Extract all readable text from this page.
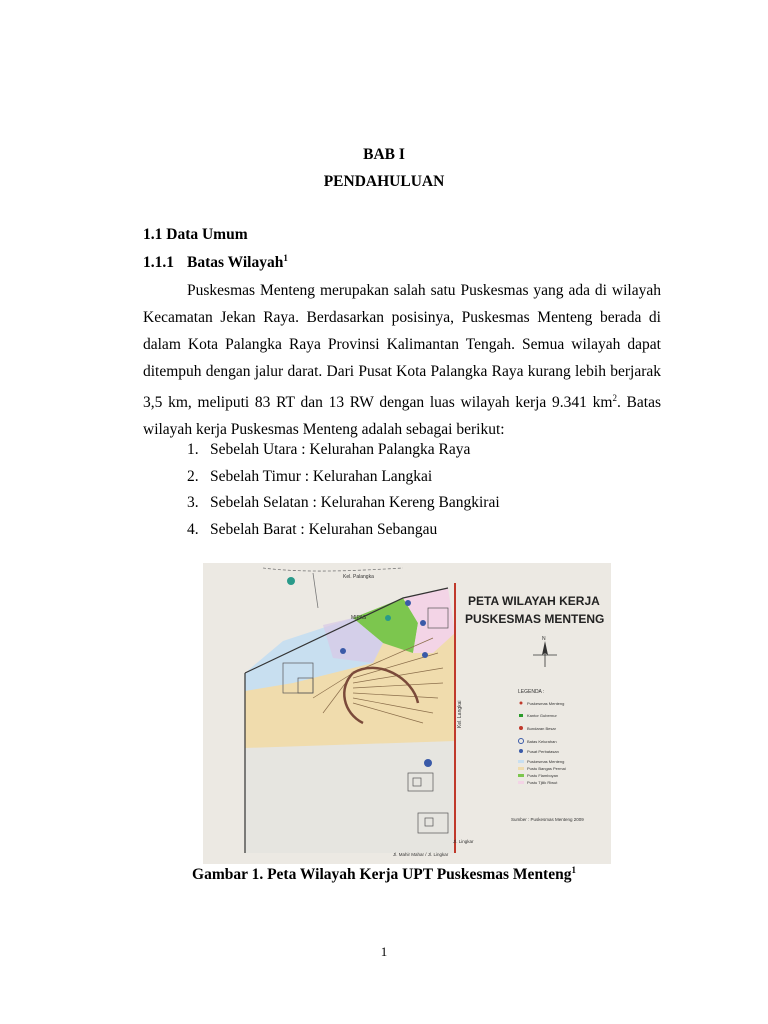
BAB I
PENDAHULUAN
1.1 Data Umum
1.1.1 Batas Wilayah$^1$

Puskesmas Menteng merupakan salah satu Puskesmas yang ada di wilayah Kecamatan Jekan Raya. Berdasarkan posisinya, Puskesmas Menteng berada di dalam Kota Palangka Raya Provinsi Kalimantan Tengah. Semua wilayah dapat ditempuh dengan jalur darat. Dari Pusat Kota Palangka Raya kurang lebih berjarak 3,5 km, meliputi 83 RT dan 13 RW dengan luas wilayah kerja 9.341 $km^2$. Batas wilayah kerja Puskesmas Menteng adalah sebagai berikut:

1. Sebelah Utara : Kelurahan Palangka Raya
2. Sebelah Timur : Kelurahan Langkai
3. Sebelah Selatan : Kelurahan Kereng Bangkirai
4. Sebelah Barat : Kelurahan Sebangau
Kel. Palangka
MIPAS
Kel. Langkai
Jl. Mahir Mahar / Jl. Lingkar
Jl. Lingkar
PETA WILAYAH KERJA
PUSKESMAS MENTENG
N
LEGENDA :
Puskesmas Menteng
Kantor Gubernur
Bundaran Besar
Batas Kelurahan
Pusat Perbatasan
Puskesmas Menteng
Pustu Bangas Permai
Pustu Flamboyan
Pustu Tjilik Riwut
Sumber : Puskesmas Menteng 2009
Gambar 1. Peta Wilayah Kerja UPT Puskesmas Menteng$^1$
1
